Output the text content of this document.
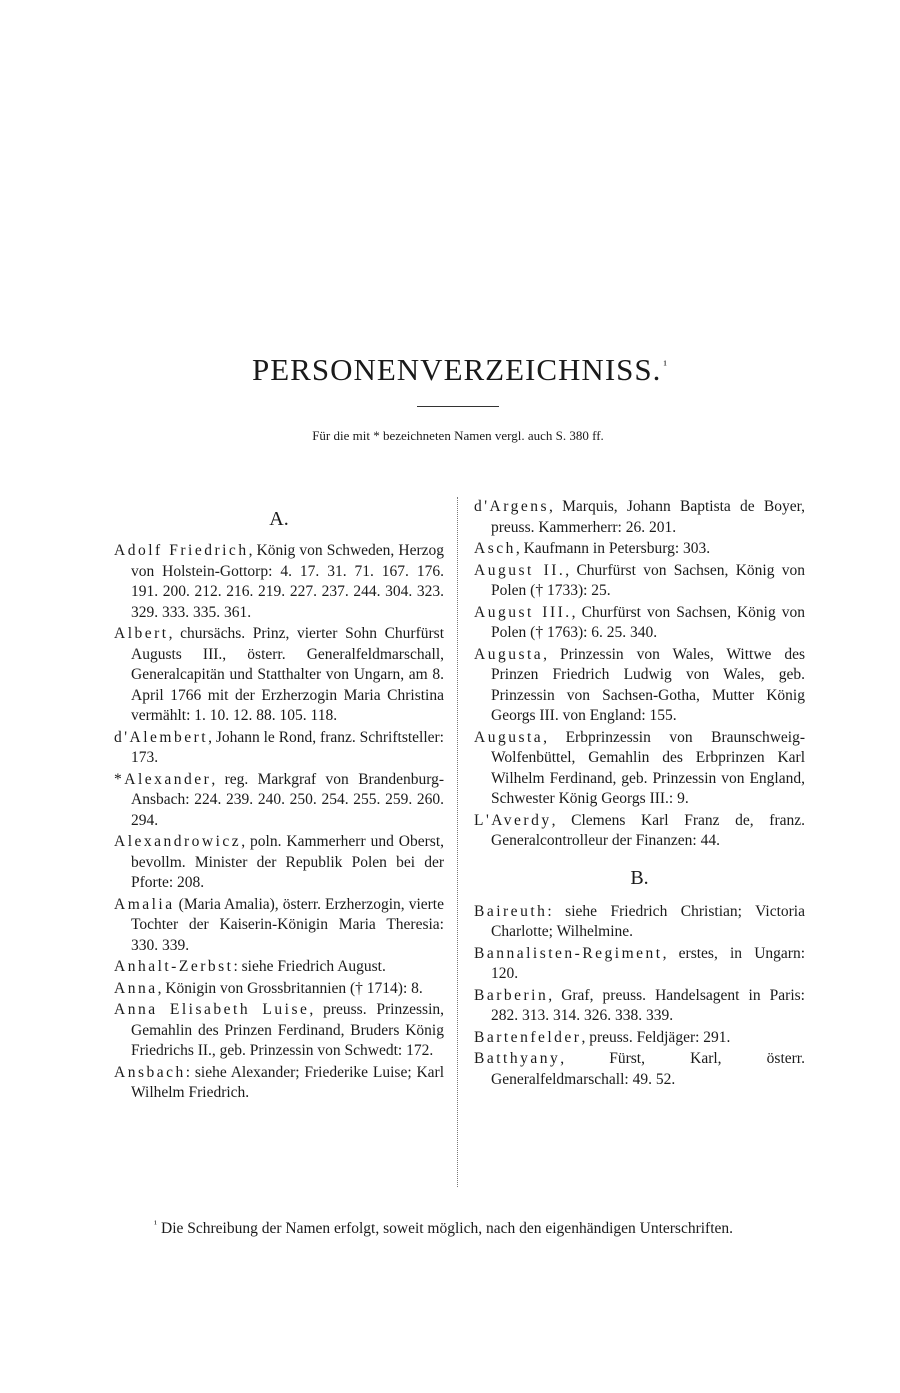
PERSONENVERZEICHNISS. $^{^1}$
Für die mit * bezeichneten Namen vergl. auch S. 380 ff.
A.

Adolf Friedrich, König von Schweden, Herzog von Holstein-Gottorp: 4. 17. 31. 71. 167. 176. 191. 200. 212. 216. 219. 227. 237. 244. 304. 323. 329. 333. 335. 361.

Albert, chursächs. Prinz, vierter Sohn Churfürst Augusts III., österr. Generalfeldmarschall, Generalcapitän und Statthalter von Ungarn, am 8. April 1766 mit der Erzherzogin Maria Christina vermählt: 1. 10. 12. 88. 105. 118.

d'Alembert, Johann le Rond, franz. Schriftsteller: 173.

*Alexander, reg. Markgraf von Brandenburg-Ansbach: 224. 239. 240. 250. 254. 255. 259. 260. 294.

Alexandrowicz, poln. Kammerherr und Oberst, bevollm. Minister der Republik Polen bei der Pforte: 208.

Amalia (Maria Amalia), österr. Erzherzogin, vierte Tochter der Kaiserin-Königin Maria Theresia: 330. 339.

Anhalt-Zerbst: siehe Friedrich August.

Anna, Königin von Grossbritannien († 1714): 8.

Anna Elisabeth Luise, preuss. Prinzessin, Gemahlin des Prinzen Ferdinand, Bruders König Friedrichs II., geb. Prinzessin von Schwedt: 172.

Ansbach: siehe Alexander; Friederike Luise; Karl Wilhelm Friedrich.

d'Argens, Marquis, Johann Baptista de Boyer, preuss. Kammerherr: 26. 201.

Asch, Kaufmann in Petersburg: 303.

August II., Churfürst von Sachsen, König von Polen († 1733): 25.

August III., Churfürst von Sachsen, König von Polen († 1763): 6. 25. 340.

Augusta, Prinzessin von Wales, Wittwe des Prinzen Friedrich Ludwig von Wales, geb. Prinzessin von Sachsen-Gotha, Mutter König Georgs III. von England: 155.

Augusta, Erbprinzessin von Braunschweig-Wolfenbüttel, Gemahlin des Erbprinzen Karl Wilhelm Ferdinand, geb. Prinzessin von England, Schwester König Georgs III.: 9.

L'Averdy, Clemens Karl Franz de, franz. Generalcontrolleur der Finanzen: 44.

B.

Baireuth: siehe Friedrich Christian; Victoria Charlotte; Wilhelmine.

Bannalisten-Regiment, erstes, in Ungarn: 120.

Barberin, Graf, preuss. Handelsagent in Paris: 282. 313. 314. 326. 338. 339.

Bartenfelder, preuss. Feldjäger: 291.

Batthyany, Fürst, Karl, österr. Generalfeldmarschall: 49. 52.

$^{^1}$ Die Schreibung der Namen erfolgt, soweit möglich, nach den eigenhändigen Unterschriften.
